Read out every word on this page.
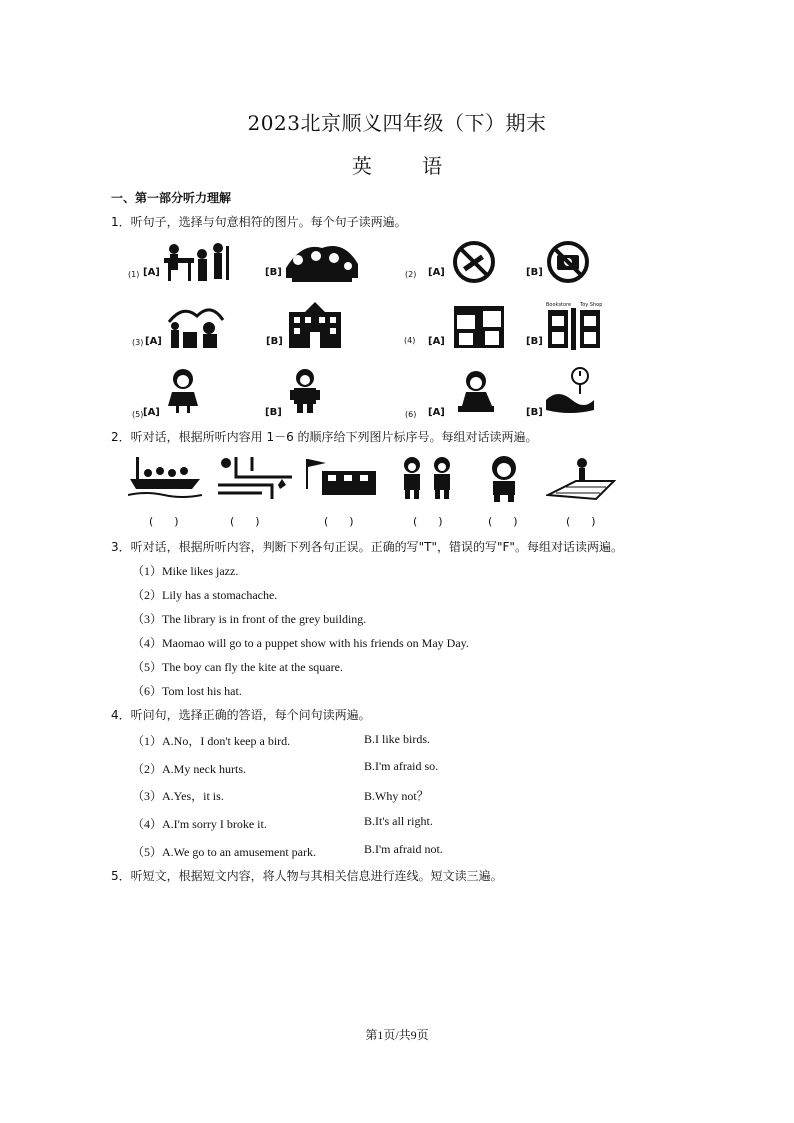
2023北京顺义四年级（下）期末
英 语
一、第一部分听力理解
1．听句子，选择与句意相符的图片。每个句子读两遍。
(1) [A]	[B]	(2) [A]	[B]
(3) [A]	[B]	(4) [A]	[B]
Bookstore Toy Shop
(5) [A]	[B]	(6) [A]	[B]
2．听对话，根据所听内容用 1－6 的顺序给下列图片标序号。每组对话读两遍。
(      )	(      )	(      )	(      )	(      )	(      )
3．听对话，根据所听内容，判断下列各句正误。正确的写"T"，错误的写"F"。每组对话读两遍。
（1）Mike likes jazz.
（2）Lily has a stomachache.
（3）The library is in front of the grey building.
（4）Maomao will go to a puppet show with his friends on May Day.
（5）The boy can fly the kite at the square.
（6）Tom lost his hat.
4．听问句，选择正确的答语，每个问句读两遍。
（1）A.No，I don't keep a bird.	B.I like birds.
（2）A.My neck hurts.	B.I'm afraid so.
（3）A.Yes，it is.	B.Why not？
（4）A.I'm sorry I broke it.	B.It's all right.
（5）A.We go to an amusement park.	B.I'm afraid not.
5．听短文，根据短文内容，将人物与其相关信息进行连线。短文读三遍。
第1页/共9页
